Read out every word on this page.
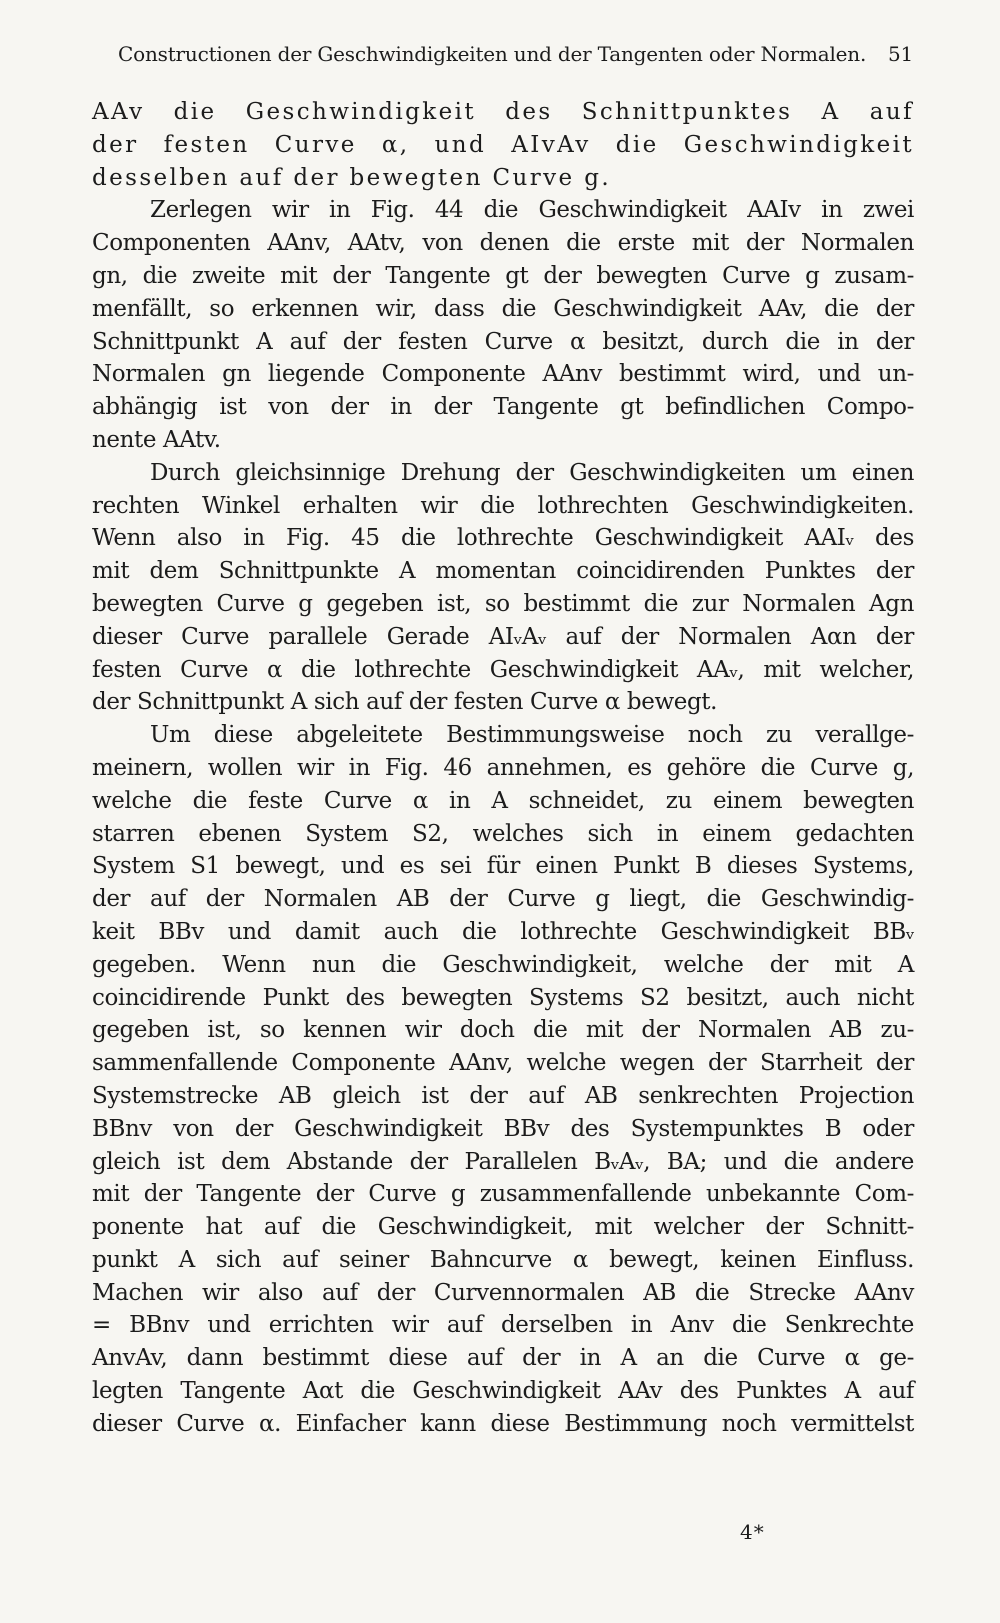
Constructionen der Geschwindigkeiten und der Tangenten oder Normalen. 51
AAv die Geschwindigkeit des Schnittpunktes A auf
der festen Curve α, und AIvAv die Geschwindigkeit
desselben auf der bewegten Curve g.
Zerlegen wir in Fig. 44 die Geschwindigkeit AAIv in zwei
Componenten AAnv, AAtv, von denen die erste mit der Normalen
gn, die zweite mit der Tangente gt der bewegten Curve g zusam-
menfällt, so erkennen wir, dass die Geschwindigkeit AAv, die der
Schnittpunkt A auf der festen Curve α besitzt, durch die in der
Normalen gn liegende Componente AAnv bestimmt wird, und un-
abhängig ist von der in der Tangente gt befindlichen Compo-
nente AAtv.
Durch gleichsinnige Drehung der Geschwindigkeiten um einen
rechten Winkel erhalten wir die lothrechten Geschwindigkeiten.
Wenn also in Fig. 45 die lothrechte Geschwindigkeit AAIᵥ des
mit dem Schnittpunkte A momentan coincidirenden Punktes der
bewegten Curve g gegeben ist, so bestimmt die zur Normalen Agn
dieser Curve parallele Gerade AIᵥAᵥ auf der Normalen Aαn der
festen Curve α die lothrechte Geschwindigkeit AAᵥ, mit welcher,
der Schnittpunkt A sich auf der festen Curve α bewegt.
Um diese abgeleitete Bestimmungsweise noch zu verallge-
meinern, wollen wir in Fig. 46 annehmen, es gehöre die Curve g,
welche die feste Curve α in A schneidet, zu einem bewegten
starren ebenen System S2, welches sich in einem gedachten
System S1 bewegt, und es sei für einen Punkt B dieses Systems,
der auf der Normalen AB der Curve g liegt, die Geschwindig-
keit BBv und damit auch die lothrechte Geschwindigkeit BBᵥ
gegeben. Wenn nun die Geschwindigkeit, welche der mit A
coincidirende Punkt des bewegten Systems S2 besitzt, auch nicht
gegeben ist, so kennen wir doch die mit der Normalen AB zu-
sammenfallende Componente AAnv, welche wegen der Starrheit der
Systemstrecke AB gleich ist der auf AB senkrechten Projection
BBnv von der Geschwindigkeit BBv des Systempunktes B oder
gleich ist dem Abstande der Parallelen BᵥAᵥ, BA; und die andere
mit der Tangente der Curve g zusammenfallende unbekannte Com-
ponente hat auf die Geschwindigkeit, mit welcher der Schnitt-
punkt A sich auf seiner Bahncurve α bewegt, keinen Einfluss.
Machen wir also auf der Curvennormalen AB die Strecke AAnv
= BBnv und errichten wir auf derselben in Anv die Senkrechte
AnvAv, dann bestimmt diese auf der in A an die Curve α ge-
legten Tangente Aαt die Geschwindigkeit AAv des Punktes A auf
dieser Curve α. Einfacher kann diese Bestimmung noch vermittelst
4*
